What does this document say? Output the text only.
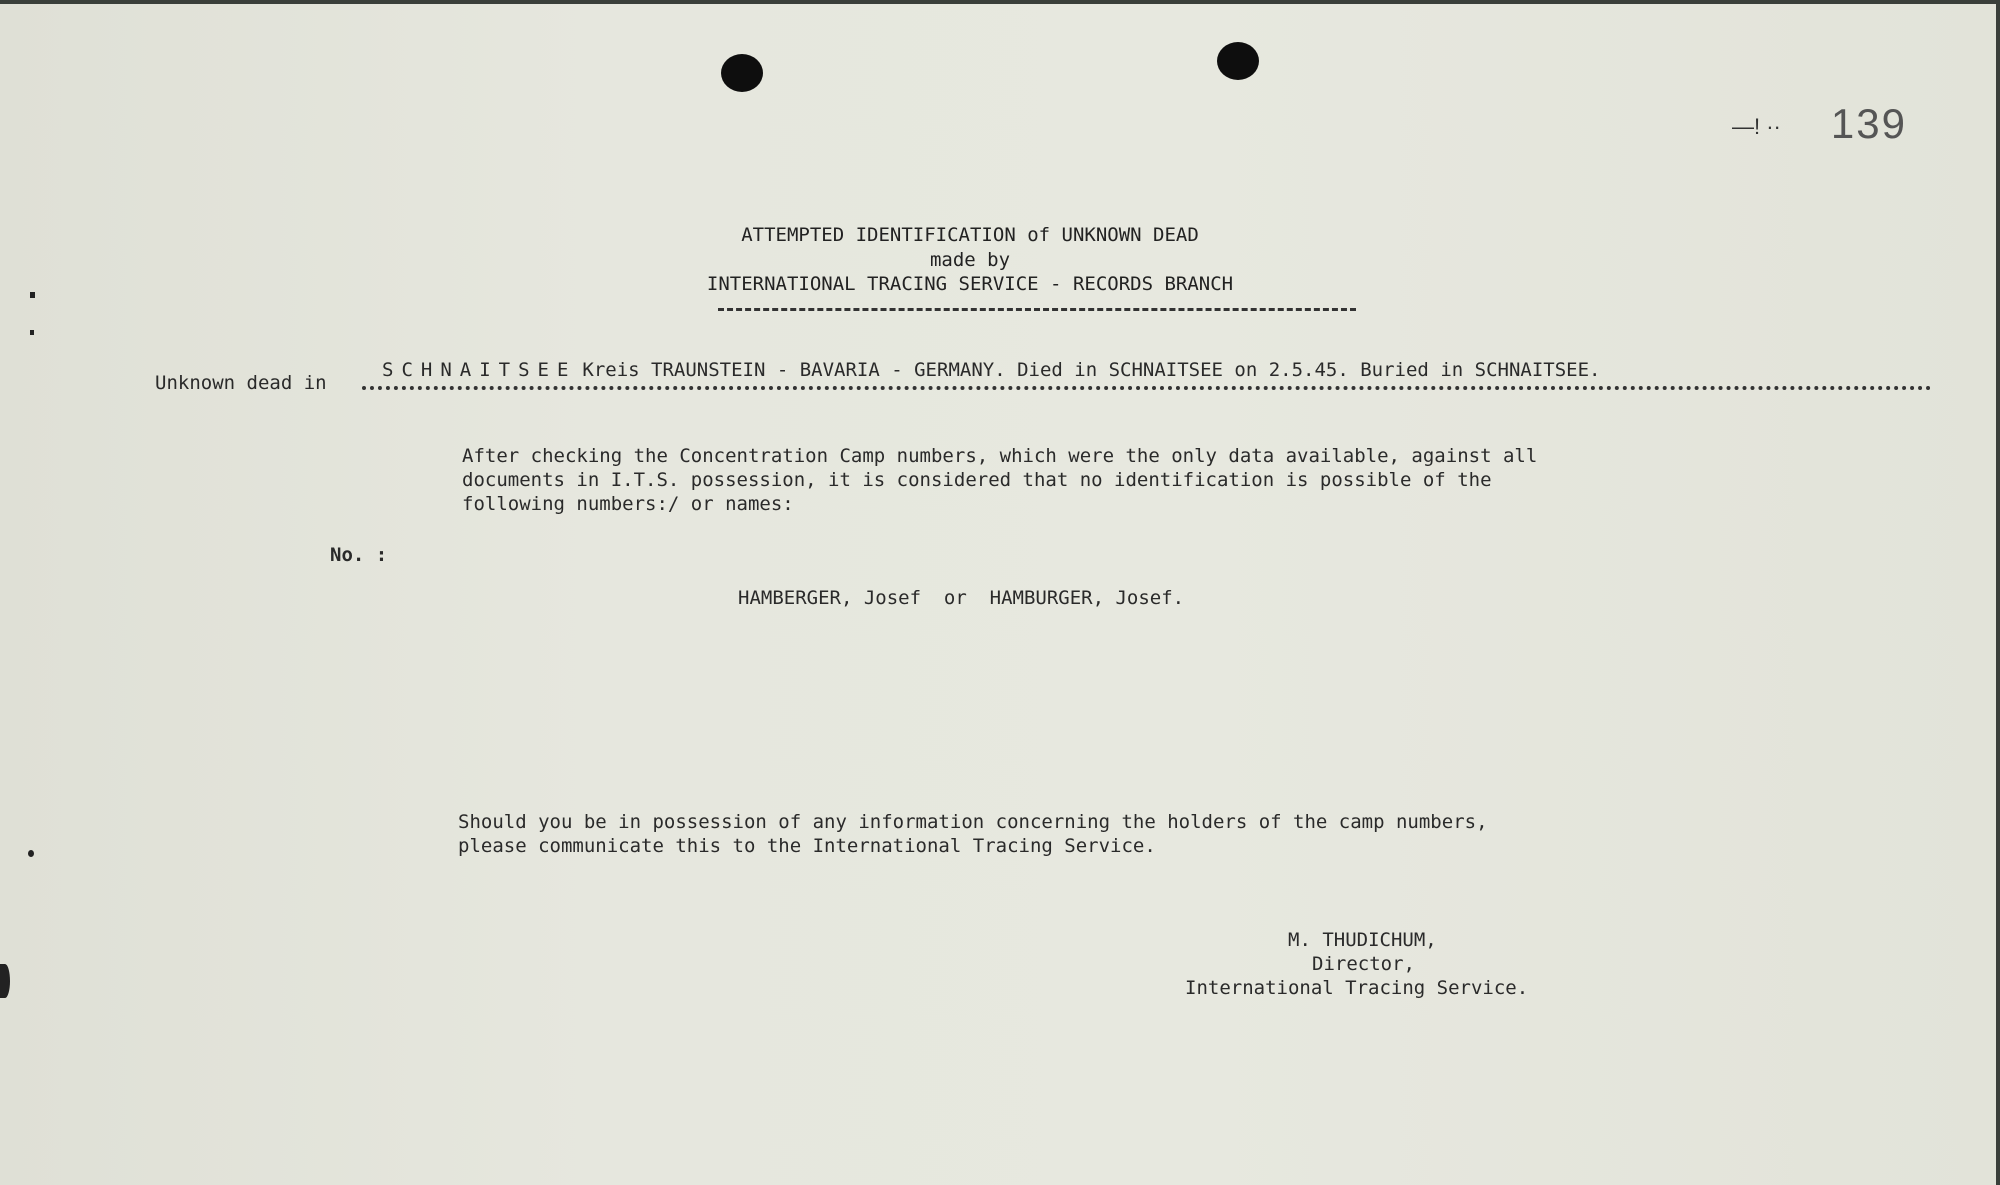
—! ·· 139
ATTEMPTED IDENTIFICATION of UNKNOWN DEAD
made by
INTERNATIONAL TRACING SERVICE - RECORDS BRANCH
Unknown dead in
SCHNAITSEE Kreis TRAUNSTEIN - BAVARIA - GERMANY. Died in SCHNAITSEE on 2.5.45. Buried in SCHNAITSEE.
After checking the Concentration Camp numbers, which were the only data available, against all
documents in I.T.S. possession, it is considered that no identification is possible of the
following numbers:/ or names:
No. :
HAMBERGER, Josef  or  HAMBURGER, Josef.
Should you be in possession of any information concerning the holders of the camp numbers,
please communicate this to the International Tracing Service.
M. THUDICHUM,
Director,
International Tracing Service.
